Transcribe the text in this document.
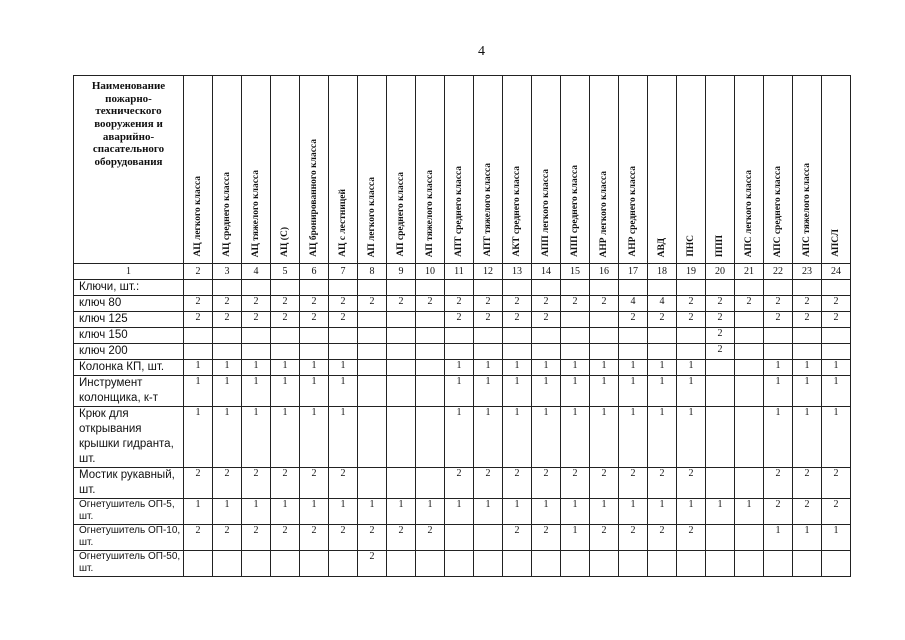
4
Наименование пожарно-технического вооружения и аварийно-спасательного оборудования	АЦ легкого класса	АЦ среднего класса	АЦ тяжелого класса	АЦ (С)	АЦ бронированного класса	АЦ с лестницей	АП легкого класса	АП среднего класса	АП тяжелого класса	АПТ среднего класса	АПТ тяжелого класса	АКТ среднего класса	АПП легкого класса	АПП среднего класса	АНР легкого класса	АНР среднего класса	АВД	ПНС	ППП	АПС легкого класса	АПС среднего класса	АПС тяжелого класса	АПСЛ

1	2	3	4	5	6	7	8	9	10	11	12	13	14	15	16	17	18	19	20	21	22	23	24
Ключи, шт.:																							
ключ 80	2	2	2	2	2	2	2	2	2	2	2	2	2	2	2	4	4	2	2	2	2	2	2
ключ 125	2	2	2	2	2	2				2	2	2	2			2	2	2	2		2	2	2
ключ 150																			2				
ключ 200																			2				
Колонка КП, шт.	1	1	1	1	1	1				1	1	1	1	1	1	1	1	1			1	1	1
Инструмент колонщика, к-т	1	1	1	1	1	1				1	1	1	1	1	1	1	1	1			1	1	1
Крюк для открывания крышки гидранта, шт.	1	1	1	1	1	1				1	1	1	1	1	1	1	1	1			1	1	1
Мостик рукавный, шт.	2	2	2	2	2	2				2	2	2	2	2	2	2	2	2			2	2	2
Огнетушитель ОП-5, шт.	1	1	1	1	1	1	1	1	1	1	1	1	1	1	1	1	1	1	1	1	2	2	2
Огнетушитель ОП-10, шт.	2	2	2	2	2	2	2	2	2			2	2	1	2	2	2	2			1	1	1
Огнетушитель ОП-50, шт.							2																
